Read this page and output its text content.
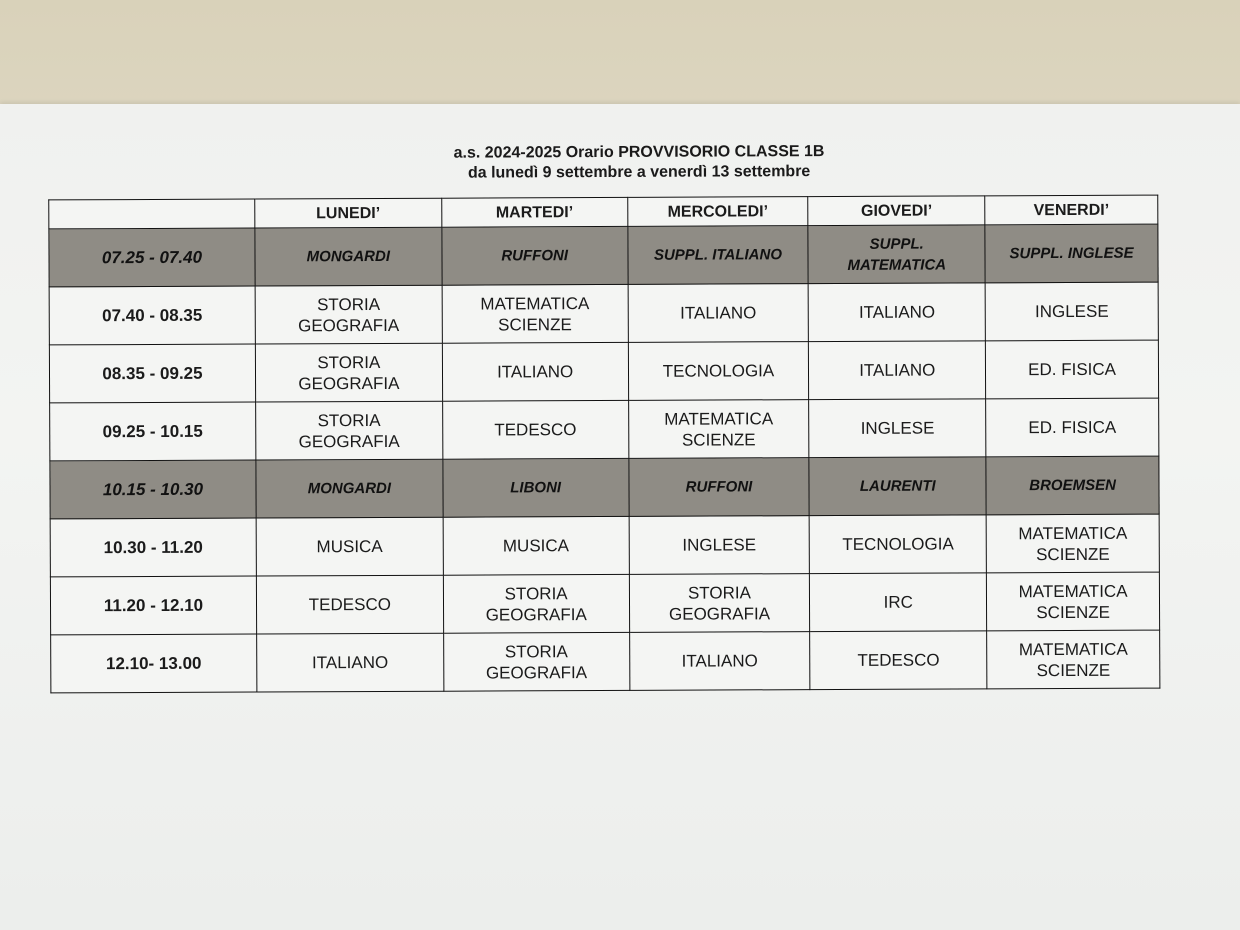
a.s. 2024-2025 Orario PROVVISORIO CLASSE 1B
da lunedì 9 settembre a venerdì 13 settembre
	LUNEDI’	MARTEDI’	MERCOLEDI’	GIOVEDI’	VENERDI’
07.25 - 07.40	MONGARDI	RUFFONI	SUPPL. ITALIANO	SUPPL.
MATEMATICA	SUPPL. INGLESE

07.40 - 08.35	STORIA
GEOGRAFIA	MATEMATICA
SCIENZE	ITALIANO	ITALIANO	INGLESE

08.35 - 09.25	STORIA
GEOGRAFIA	ITALIANO	TECNOLOGIA	ITALIANO	ED. FISICA

09.25 - 10.15	STORIA
GEOGRAFIA	TEDESCO	MATEMATICA
SCIENZE	INGLESE	ED. FISICA

10.15 - 10.30	MONGARDI	LIBONI	RUFFONI	LAURENTI	BROEMSEN

10.30 - 11.20	MUSICA	MUSICA	INGLESE	TECNOLOGIA	MATEMATICA
SCIENZE

11.20 - 12.10	TEDESCO	STORIA
GEOGRAFIA	STORIA
GEOGRAFIA	IRC	MATEMATICA
SCIENZE

12.10- 13.00	ITALIANO	STORIA
GEOGRAFIA	ITALIANO	TEDESCO	MATEMATICA
SCIENZE
